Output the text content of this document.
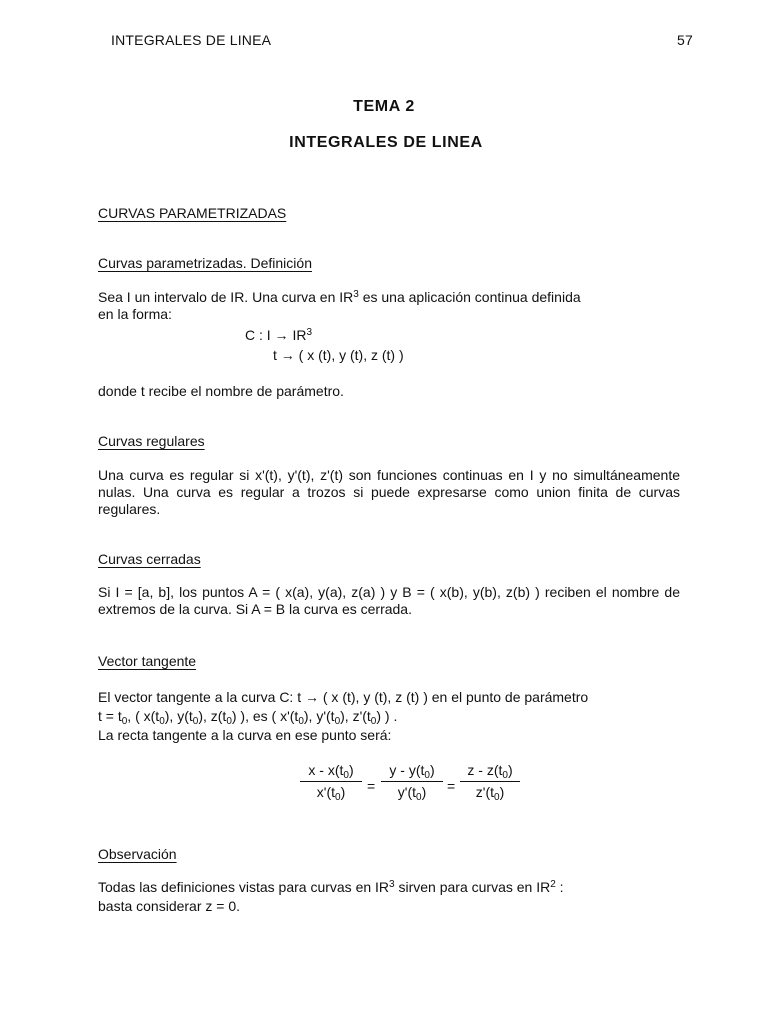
INTEGRALES DE LINEA	57
TEMA 2
INTEGRALES DE LINEA
CURVAS PARAMETRIZADAS
Curvas parametrizadas. Definición
Sea I un intervalo de IR. Una curva en $IR^3$ es una aplicación continua definida
en la forma:
C : $I \to IR^3$
t → ( x (t), y (t), z (t) )
donde t recibe el nombre de parámetro.
Curvas regulares
Una curva es regular si x'(t), y'(t), z'(t) son funciones continuas en I y no simultáneamente nulas. Una curva es regular a trozos si puede expresarse como union finita de curvas regulares.
Curvas cerradas
Si I = [a, b], los puntos A = ( x(a), y(a), z(a) ) y B = ( x(b), y(b), z(b) ) reciben el nombre de extremos de la curva. Si A = B la curva es cerrada.
Vector tangente
El vector tangente a la curva C: t → ( x (t), y (t), z (t) ) en el punto de parámetro
$t = t_0$, ( $x(t_0)$, $y(t_0)$, $z(t_0)$ ), es ( $x'(t_0)$, $y'(t_0)$, $z'(t_0)$ ) .
La recta tangente a la curva en ese punto será:
x - $x(t_0)$
$x'(t_0)$	=
y - $y(t_0)$
$y'(t_0)$	=
z - $z(t_0)$
$z'(t_0)$
Observación
Todas las definiciones vistas para curvas en $IR^3$ sirven para curvas en $IR^2$ :
basta considerar z = 0.
